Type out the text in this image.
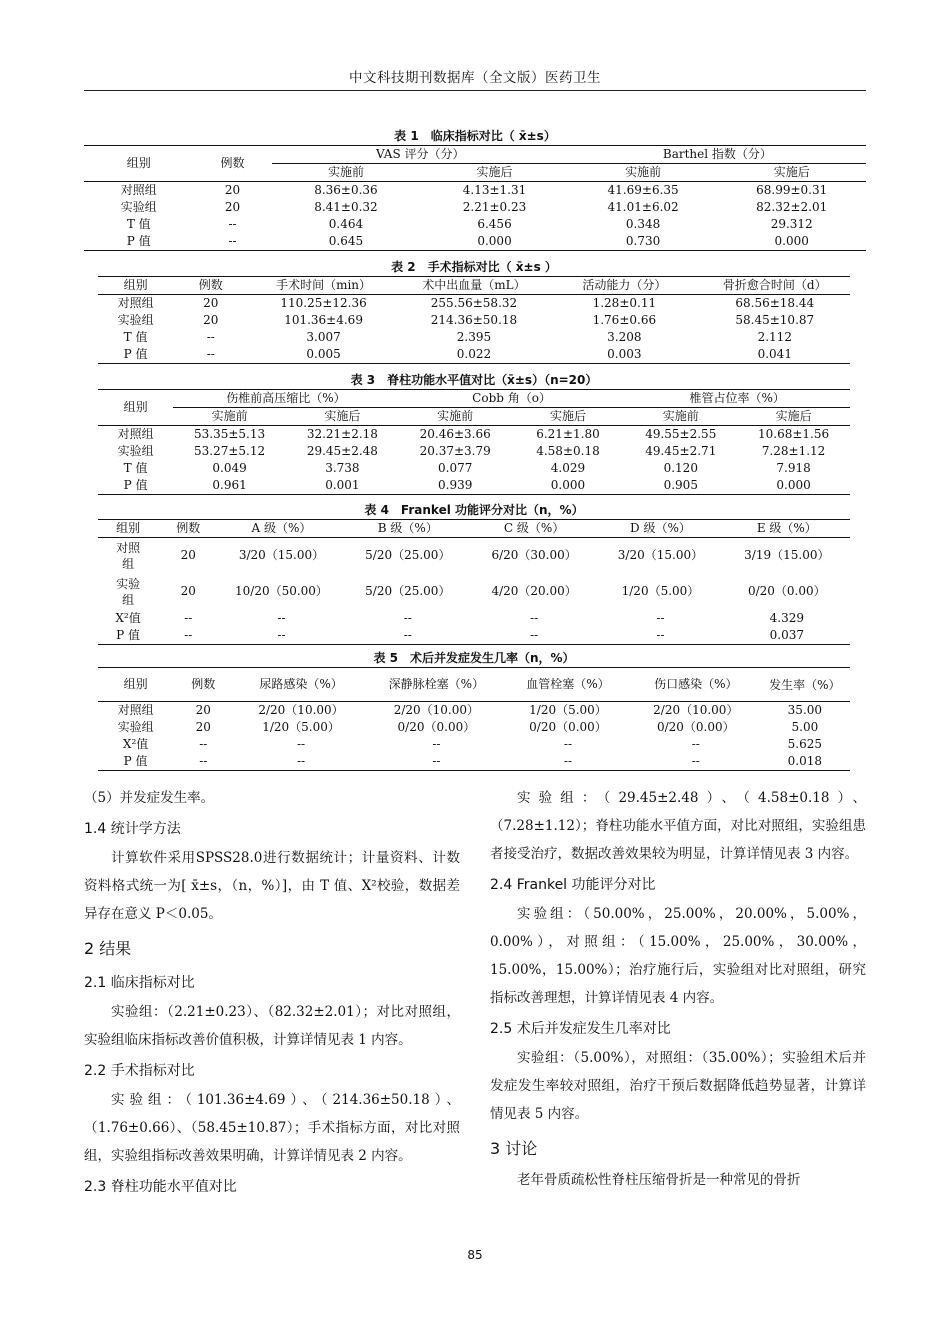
中文科技期刊数据库（全文版）医药卫生
表 1　临床指标对比（ x̄±s）
组别	例数	VAS 评分（分）		Barthel 指数（分）	
		实施前	实施后	实施前	实施后
对照组	20	8.36±0.36	4.13±1.31	41.69±6.35	68.99±0.31
实验组	20	8.41±0.32	2.21±0.23	41.01±6.02	82.32±2.01
T 值	--	0.464	6.456	0.348	29.312
P 值	--	0.645	0.000	0.730	0.000
表 2　手术指标对比（ x̄±s ）
组别	例数	手术时间（min）	术中出血量（mL）	活动能力（分）	骨折愈合时间（d）
对照组	20	110.25±12.36	255.56±58.32	1.28±0.11	68.56±18.44
实验组	20	101.36±4.69	214.36±50.18	1.76±0.66	58.45±10.87
T 值	--	3.007	2.395	3.208	2.112
P 值	--	0.005	0.022	0.003	0.041
表 3　脊柱功能水平值对比（x̄±s）（n=20）
组别	伤椎前高压缩比（%）		Cobb 角（o）		椎管占位率（%）	
	实施前	实施后	实施前	实施后	实施前	实施后
对照组	53.35±5.13	32.21±2.18	20.46±3.66	6.21±1.80	49.55±2.55	10.68±1.56
实验组	53.27±5.12	29.45±2.48	20.37±3.79	4.58±0.18	49.45±2.71	7.28±1.12
T 值	0.049	3.738	0.077	4.029	0.120	7.918
P 值	0.961	0.001	0.939	0.000	0.905	0.000
表 4　Frankel 功能评分对比（n，%）
组别	例数	A 级（%）	B 级（%）	C 级（%）	D 级（%）	E 级（%）
对照组	20	3/20（15.00）	5/20（25.00）	6/20（30.00）	3/20（15.00）	3/19（15.00）
实验组	20	10/20（50.00）	5/20（25.00）	4/20（20.00）	1/20（5.00）	0/20（0.00）
X²值	--	--	--	--	--	4.329
P 值	--	--	--	--	--	0.037
表 5　术后并发症发生几率（n，%）
组别	例数	尿路感染（%）	深静脉栓塞（%）	血管栓塞（%）	伤口感染（%）	发生率（%）
对照组	20	2/20（10.00）	2/20（10.00）	1/20（5.00）	2/20（10.00）	35.00
实验组	20	1/20（5.00）	0/20（0.00）	0/20（0.00）	0/20（0.00）	5.00
X²值	--	--	--	--	--	5.625
P 值	--	--	--	--	--	0.018

（5）并发症发生率。

1.4 统计学方法

计算软件采用SPSS28.0进行数据统计；计量资料、计数资料格式统一为[ x̄±s，（n，%）]，由 T 值、X²校验，数据差异存在意义 P＜0.05。

2 结果
2.1 临床指标对比

实验组：（2.21±0.23）、（82.32±2.01）；对比对照组，实验组临床指标改善价值积极，计算详情见表 1 内容。

2.2 手术指标对比

实验组：（101.36±4.69）、（214.36±50.18）、（1.76±0.66）、（58.45±10.87）；手术指标方面，对比对照组，实验组指标改善效果明确，计算详情见表 2 内容。

2.3 脊柱功能水平值对比

实验组：（29.45±2.48）、（4.58±0.18）、（7.28±1.12）；脊柱功能水平值方面，对比对照组，实验组患者接受治疗，数据改善效果较为明显，计算详情见表 3 内容。

2.4 Frankel 功能评分对比

实验组：（50.00%，25.00%，20.00%，5.00%，0.00%），对照组：（15.00%，25.00%，30.00%，15.00%，15.00%）；治疗施行后，实验组对比对照组，研究指标改善理想，计算详情见表 4 内容。

2.5 术后并发症发生几率对比

实验组：（5.00%），对照组：（35.00%）；实验组术后并发症发生率较对照组，治疗干预后数据降低趋势显著，计算详情见表 5 内容。

3 讨论

老年骨质疏松性脊柱压缩骨折是一种常见的骨折

85
